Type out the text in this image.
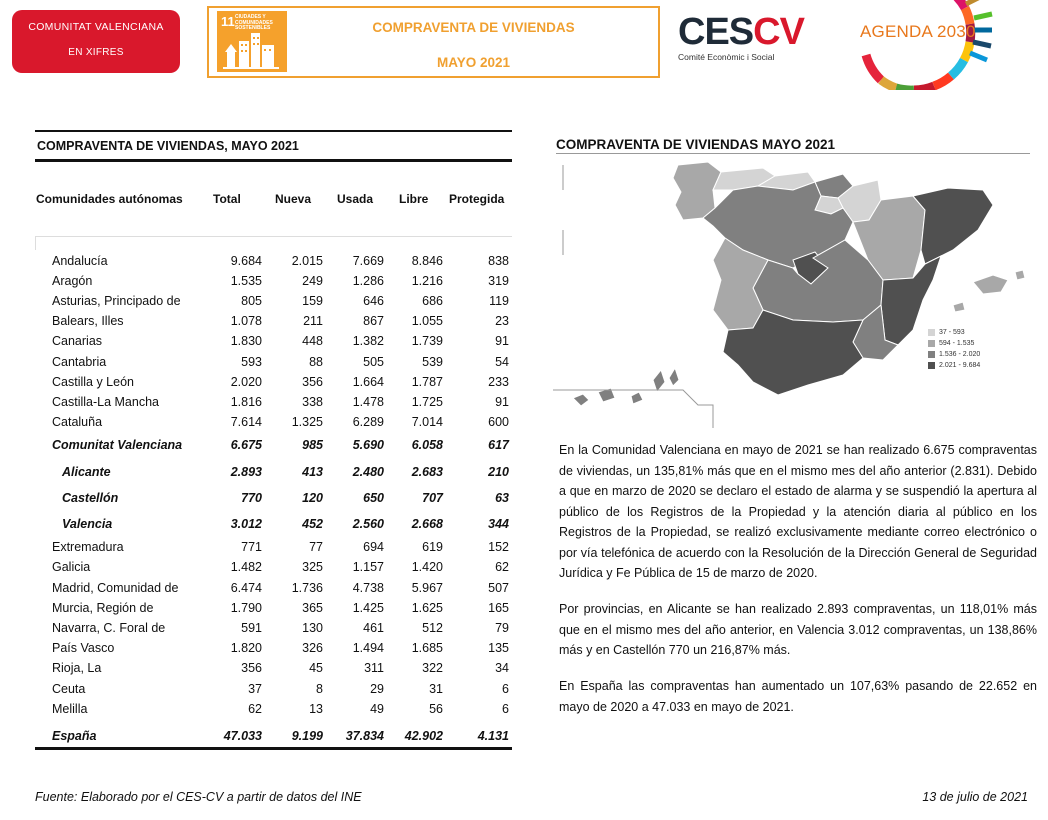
COMUNITAT VALENCIANA
EN XIFRES
11 CIUDADES Y COMUNIDADES SOSTENIBLES	COMPRAVENTA DE VIVIENDAS
MAYO 2021
CESCV
Comité Econòmic i Social
AGENDA 2030
COMPRAVENTA DE VIVIENDAS, MAYO 2021
Comunidades autónomas	Total	Nueva Usada Libre Protegida
Andalucía	9.684 2.015 7.669 8.846	838
Aragón	1.535	249 1.286 1.216	319
Asturias, Principado de	805	159	646	686	119
Balears, Illes	1.078	211	867 1.055	23
Canarias	1.830	448 1.382 1.739	91
Cantabria	593	88	505	539	54
Castilla y León	2.020	356 1.664 1.787	233
Castilla-La Mancha	1.816	338 1.478 1.725	91
Cataluña	7.614 1.325 6.289 7.014	600
Comunitat Valenciana	6.675	985 5.690 6.058	617
Alicante	2.893	413 2.480 2.683	210
Castellón	770	120	650	707	63
Valencia	3.012	452 2.560 2.668	344
Extremadura	771	77	694	619	152
Galicia	1.482	325 1.157 1.420	62
Madrid, Comunidad de	6.474 1.736 4.738 5.967	507
Murcia, Región de	1.790	365 1.425 1.625	165
Navarra, C. Foral de	591	130	461	512	79
País Vasco	1.820	326 1.494 1.685	135
Rioja, La	356	45	311	322	34
Ceuta	37	8	29	31	6
Melilla	62	13	49	56	6
España	47.033 9.199 37.834 42.902	4.131
COMPRAVENTA DE VIVIENDAS MAYO 2021
37 - 593
594 - 1.535
1.536 - 2.020
2.021 - 9.684

En la Comunidad Valenciana en mayo de 2021 se han realizado 6.675 compraventas de viviendas, un 135,81% más que en el mismo mes del año anterior (2.831). Debido a que en marzo de 2020 se declaro el estado de alarma y se suspendió la apertura al público de los Registros de la Propiedad y la atención diaria al público en los Registros de la Propiedad, se realizó exclusivamente mediante correo electrónico o por vía telefónica de acuerdo con la Resolución de la Dirección General de Seguridad Jurídica y Fe Pública de 15 de marzo de 2020.

Por provincias, en Alicante se han realizado 2.893 compraventas, un 118,01% más que en el mismo mes del año anterior, en Valencia 3.012 compraventas, un 138,86% más y en Castellón 770 un 216,87% más.

En España las compraventas han aumentado un 107,63% pasando de 22.652 en mayo de 2020 a 47.033 en mayo de 2021.

Fuente: Elaborado por el CES-CV a partir de datos del INE	13 de julio de 2021
